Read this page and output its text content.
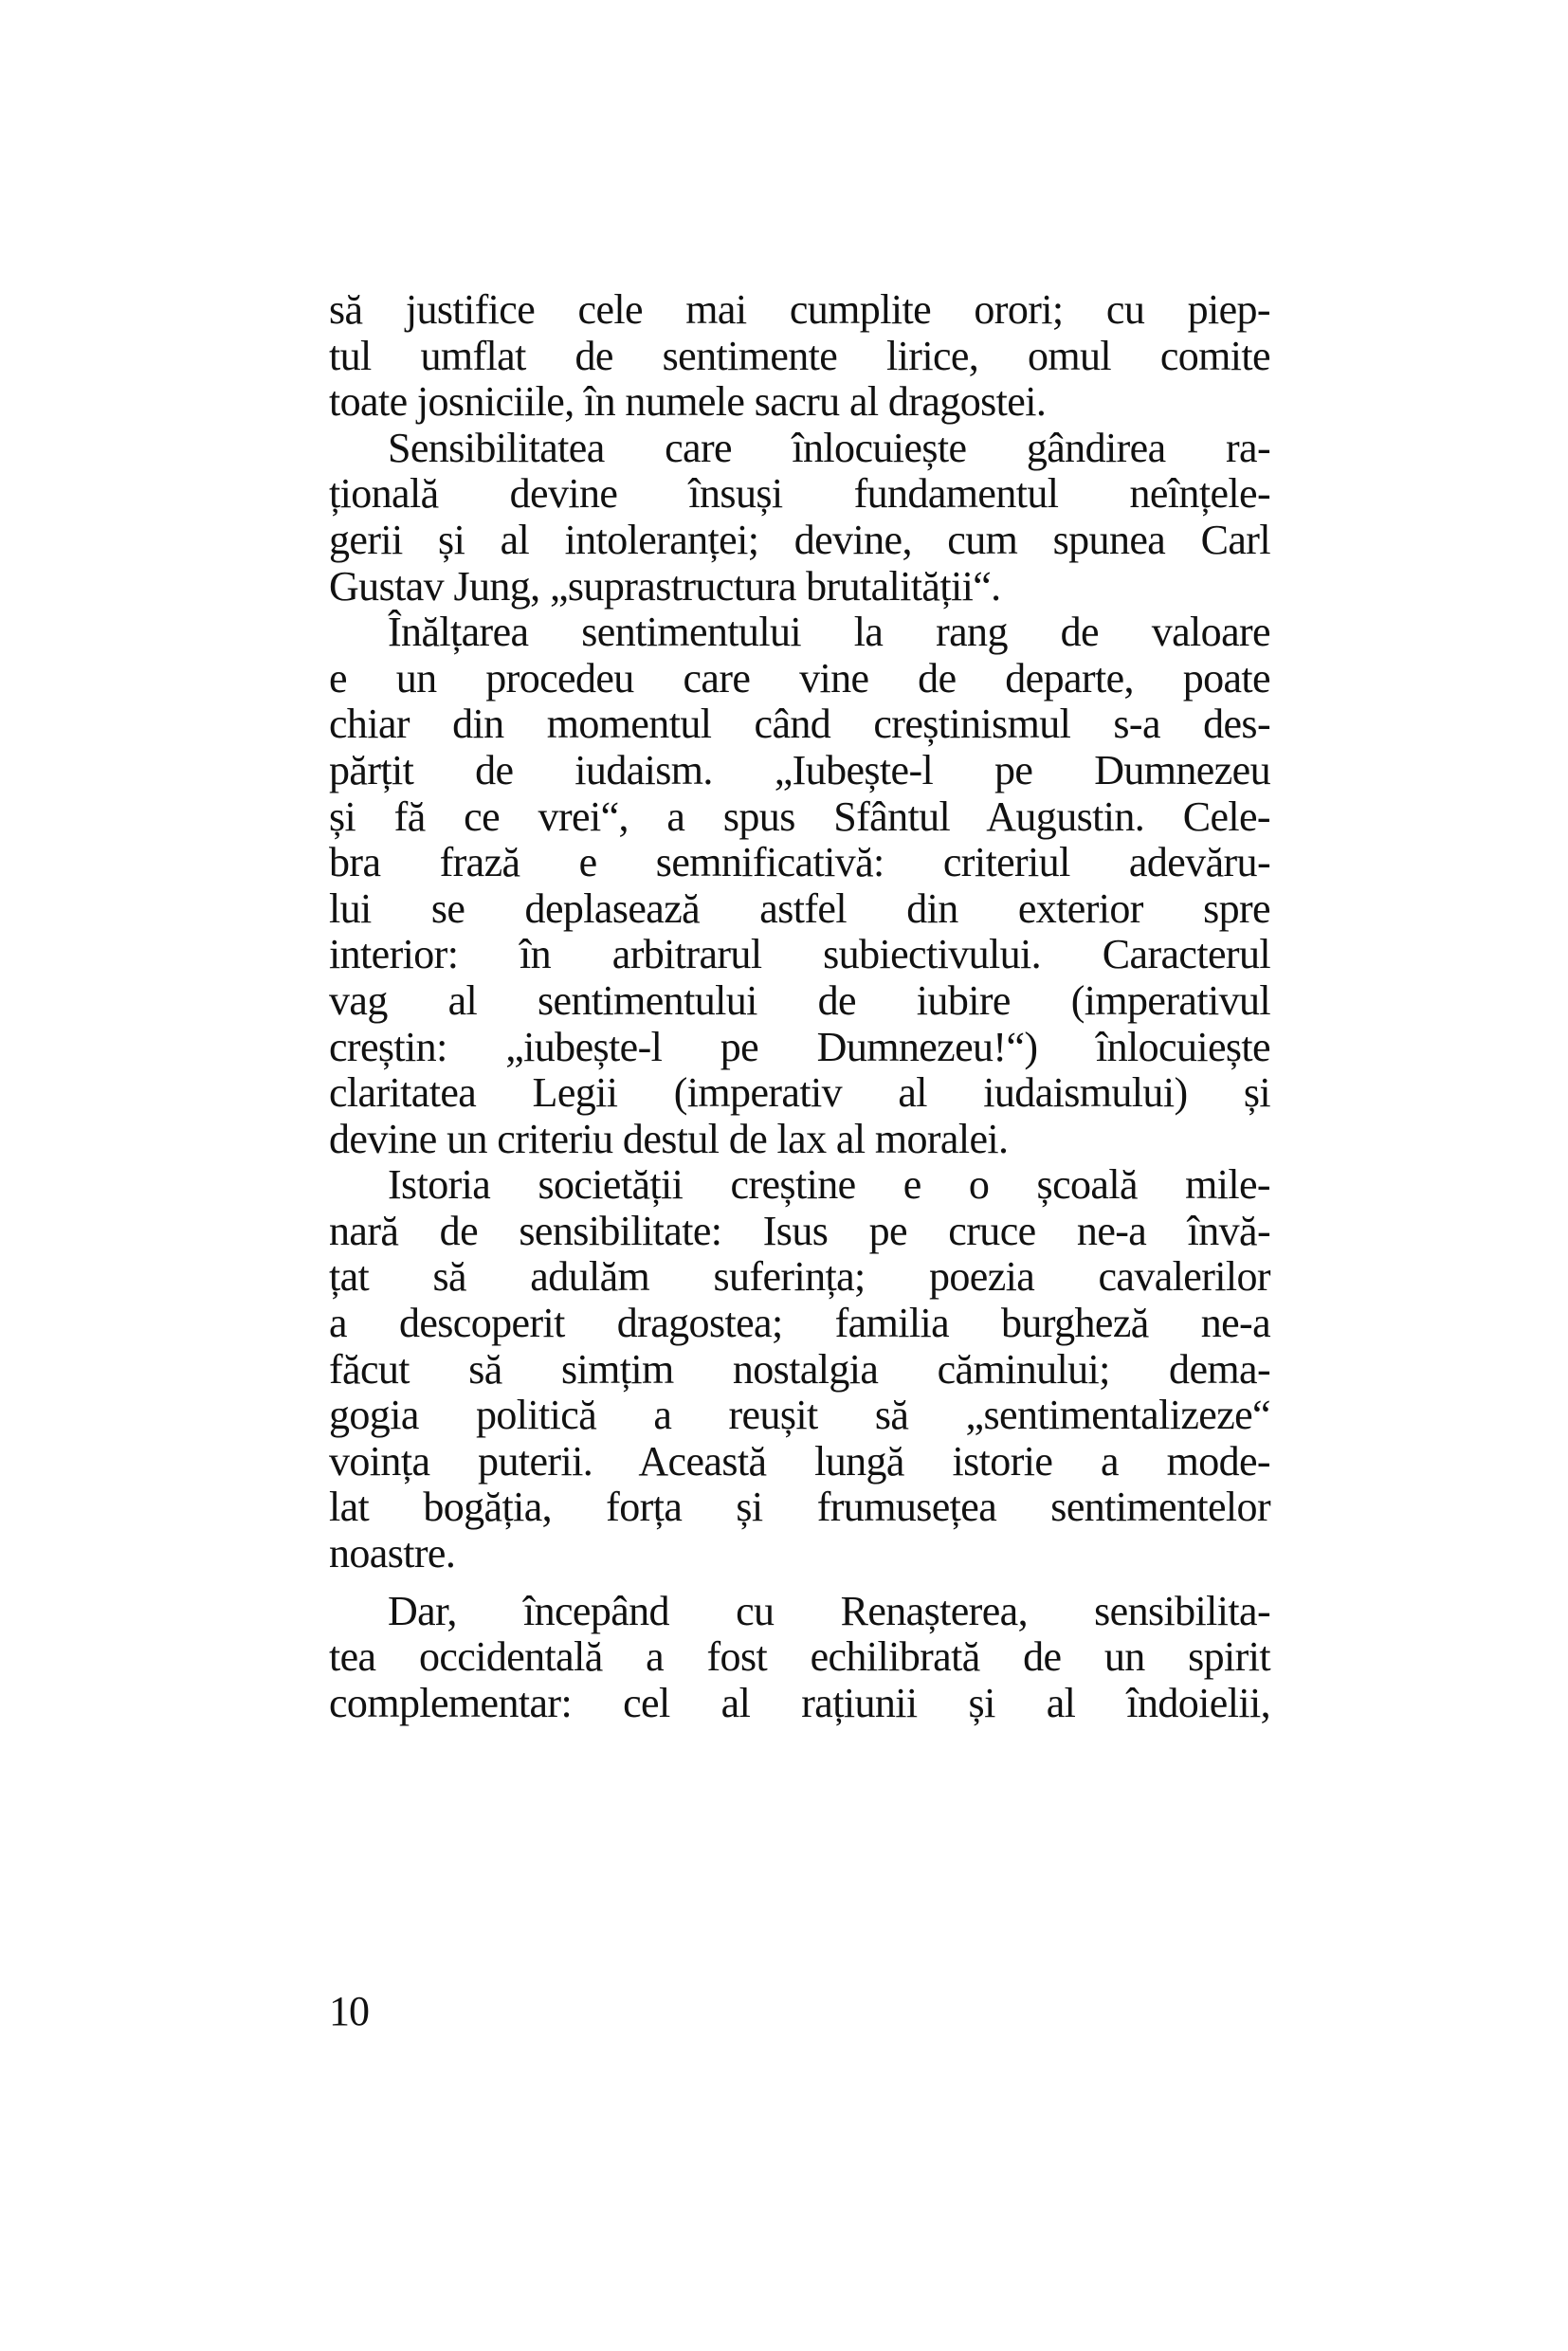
să justifice cele mai cumplite orori; cu piep-
tul umflat de sentimente lirice, omul comite
toate josniciile, în numele sacru al dragostei.
Sensibilitatea care înlocuiește gândirea ra-
țională devine însuși fundamentul neînțele-
gerii și al intoleranței; devine, cum spunea Carl
Gustav Jung, „suprastructura brutalității“.
Înălțarea sentimentului la rang de valoare
e un procedeu care vine de departe, poate
chiar din momentul când creștinismul s-a des-
părțit de iudaism. „Iubește-l pe Dumnezeu
și fă ce vrei“, a spus Sfântul Augustin. Cele-
bra frază e semnificativă: criteriul adevăru-
lui se deplasează astfel din exterior spre
interior: în arbitrarul subiectivului. Caracterul
vag al sentimentului de iubire (imperativul
creștin: „iubește-l pe Dumnezeu!“) înlocuiește
claritatea Legii (imperativ al iudaismului) și
devine un criteriu destul de lax al moralei.
Istoria societății creștine e o școală mile-
nară de sensibilitate: Isus pe cruce ne-a învă-
țat să adulăm suferința; poezia cavalerilor
a descoperit dragostea; familia burgheză ne-a
făcut să simțim nostalgia căminului; dema-
gogia politică a reușit să „sentimentalizeze“
voința puterii. Această lungă istorie a mode-
lat bogăția, forța și frumusețea sentimentelor
noastre.
Dar, începând cu Renașterea, sensibilita-
tea occidentală a fost echilibrată de un spirit
complementar: cel al rațiunii și al îndoielii,
10
